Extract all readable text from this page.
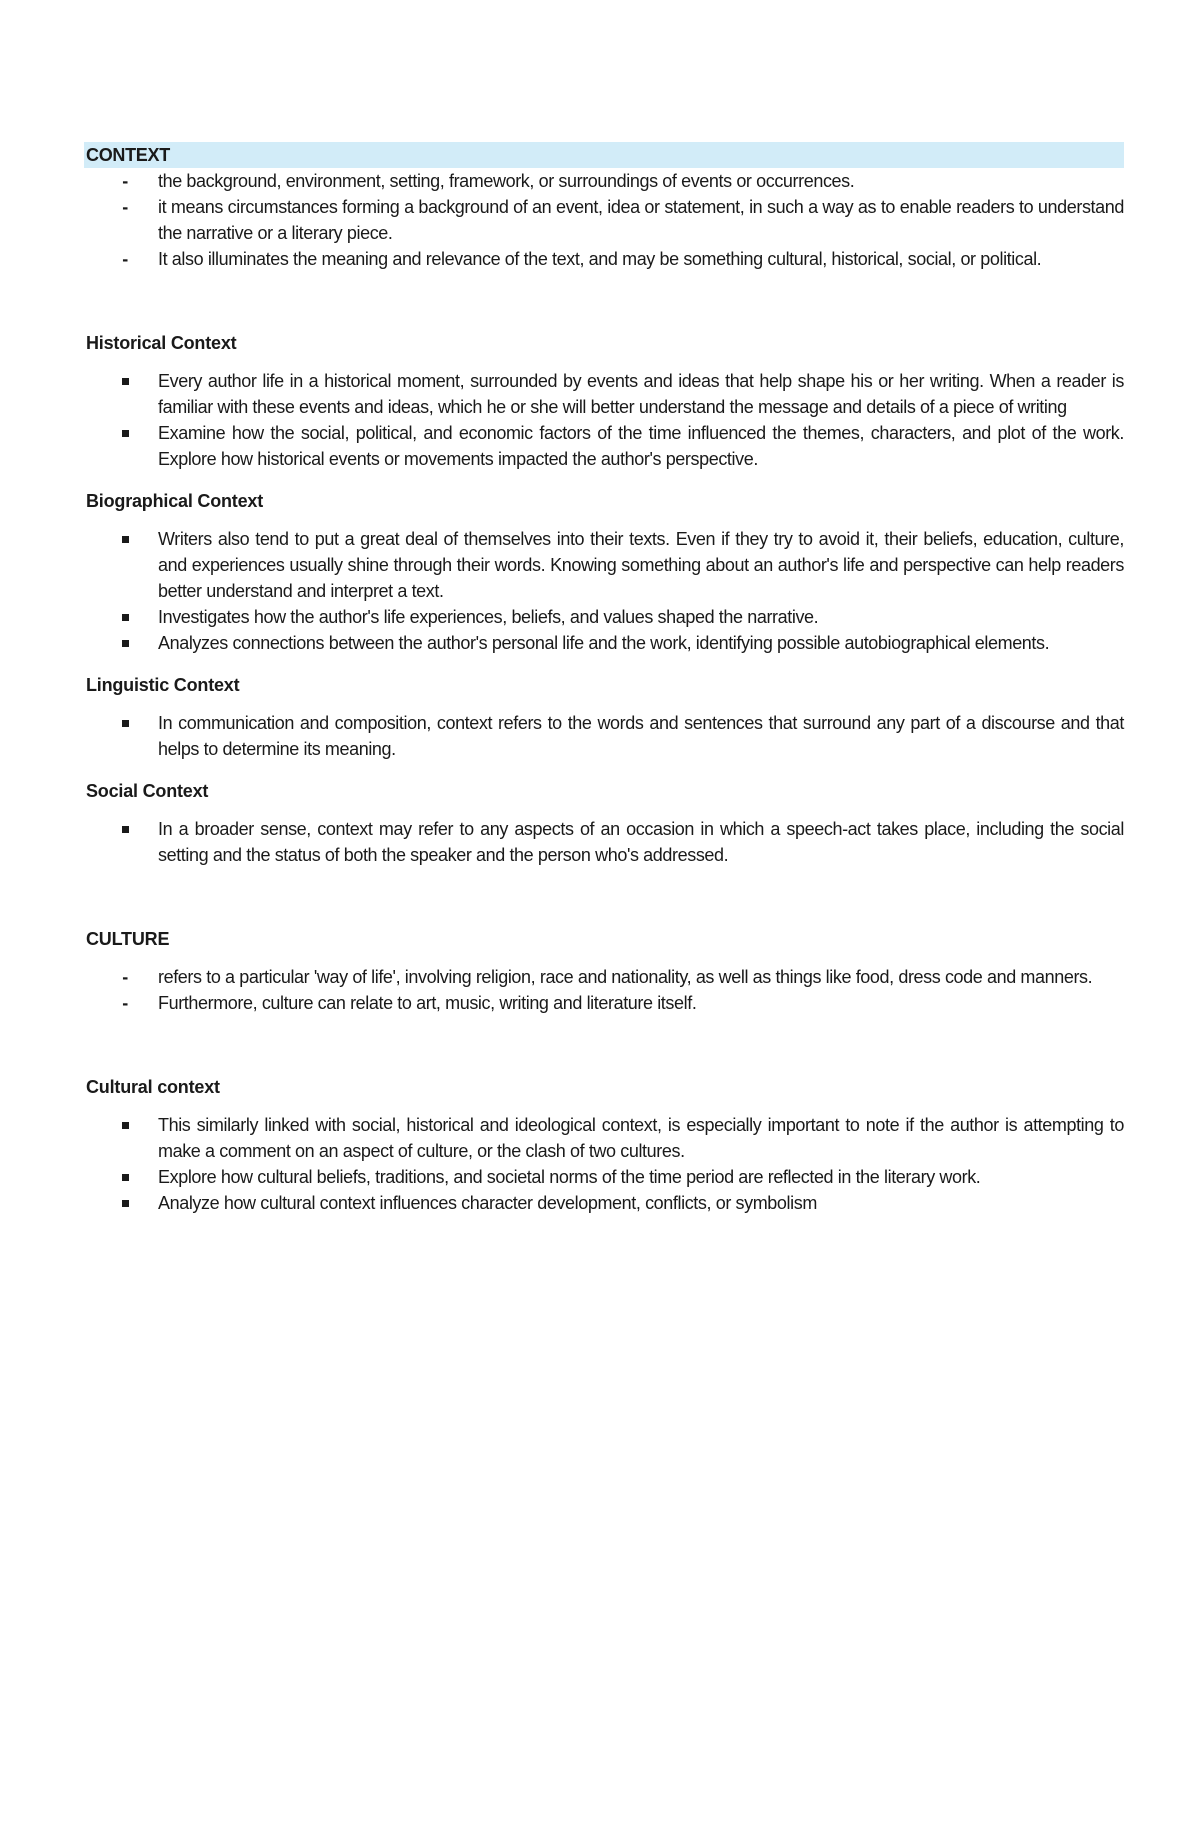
CONTEXT
- the background, environment, setting, framework, or surroundings of events or occurrences.
- it means circumstances forming a background of an event, idea or statement, in such a way as to enable readers to understand the narrative or a literary piece.
- It also illuminates the meaning and relevance of the text, and may be something cultural, historical, social, or political.
Historical Context
Every author life in a historical moment, surrounded by events and ideas that help shape his or her writing. When a reader is familiar with these events and ideas, which he or she will better understand the message and details of a piece of writing
Examine how the social, political, and economic factors of the time influenced the themes, characters, and plot of the work. Explore how historical events or movements impacted the author's perspective.
Biographical Context
Writers also tend to put a great deal of themselves into their texts. Even if they try to avoid it, their beliefs, education, culture, and experiences usually shine through their words. Knowing something about an author's life and perspective can help readers better understand and interpret a text.
Investigates how the author's life experiences, beliefs, and values shaped the narrative.
Analyzes connections between the author's personal life and the work, identifying possible autobiographical elements.
Linguistic Context
In communication and composition, context refers to the words and sentences that surround any part of a discourse and that helps to determine its meaning.
Social Context
In a broader sense, context may refer to any aspects of an occasion in which a speech-act takes place, including the social setting and the status of both the speaker and the person who's addressed.
CULTURE
- refers to a particular 'way of life', involving religion, race and nationality, as well as things like food, dress code and manners.
- Furthermore, culture can relate to art, music, writing and literature itself.
Cultural context
This similarly linked with social, historical and ideological context, is especially important to note if the author is attempting to make a comment on an aspect of culture, or the clash of two cultures.
Explore how cultural beliefs, traditions, and societal norms of the time period are reflected in the literary work.
Analyze how cultural context influences character development, conflicts, or symbolism
